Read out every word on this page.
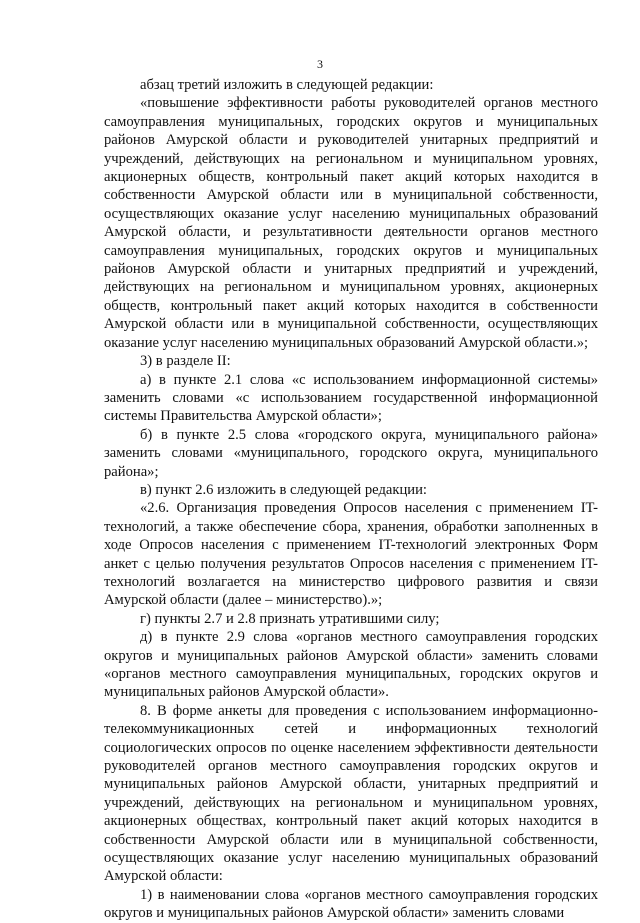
3

абзац третий изложить в следующей редакции:

«повышение эффективности работы руководителей органов местного самоуправления муниципальных, городских округов и муниципальных районов Амурской области и руководителей унитарных предприятий и учреждений, действующих на региональном и муниципальном уровнях, акционерных обществ, контрольный пакет акций которых находится в собственности Амурской области или в муниципальной собственности, осуществляющих оказание услуг населению муниципальных образований Амурской области, и результативности деятельности органов местного самоуправления муниципальных, городских округов и муниципальных районов Амурской области и унитарных предприятий и учреждений, действующих на региональном и муниципальном уровнях, акционерных обществ, контрольный пакет акций которых находится в собственности Амурской области или в муниципальной собственности, осуществляющих оказание услуг населению муниципальных образований Амурской области.»;

3) в разделе II:

а) в пункте 2.1 слова «с использованием информационной системы» заменить словами «с использованием государственной информационной системы Правительства Амурской области»;

б) в пункте 2.5 слова «городского округа, муниципального района» заменить словами «муниципального, городского округа, муниципального района»;

в) пункт 2.6 изложить в следующей редакции:

«2.6. Организация проведения Опросов населения с применением IT-технологий, а также обеспечение сбора, хранения, обработки заполненных в ходе Опросов населения с применением IT-технологий электронных Форм анкет с целью получения результатов Опросов населения с применением IT-технологий возлагается на министерство цифрового развития и связи Амурской области (далее – министерство).»;

г) пункты 2.7 и 2.8 признать утратившими силу;

д) в пункте 2.9 слова «органов местного самоуправления городских округов и муниципальных районов Амурской области» заменить словами «органов местного самоуправления муниципальных, городских округов и муниципальных районов Амурской области».

8. В форме анкеты для проведения с использованием информационно-телекоммуникационных сетей и информационных технологий социологических опросов по оценке населением эффективности деятельности руководителей органов местного самоуправления городских округов и муниципальных районов Амурской области, унитарных предприятий и учреждений, действующих на региональном и муниципальном уровнях, акционерных обществах, контрольный пакет акций которых находится в собственности Амурской области или в муниципальной собственности, осуществляющих оказание услуг населению муниципальных образований Амурской области:

1) в наименовании слова «органов местного самоуправления городских округов и муниципальных районов Амурской области» заменить словами
